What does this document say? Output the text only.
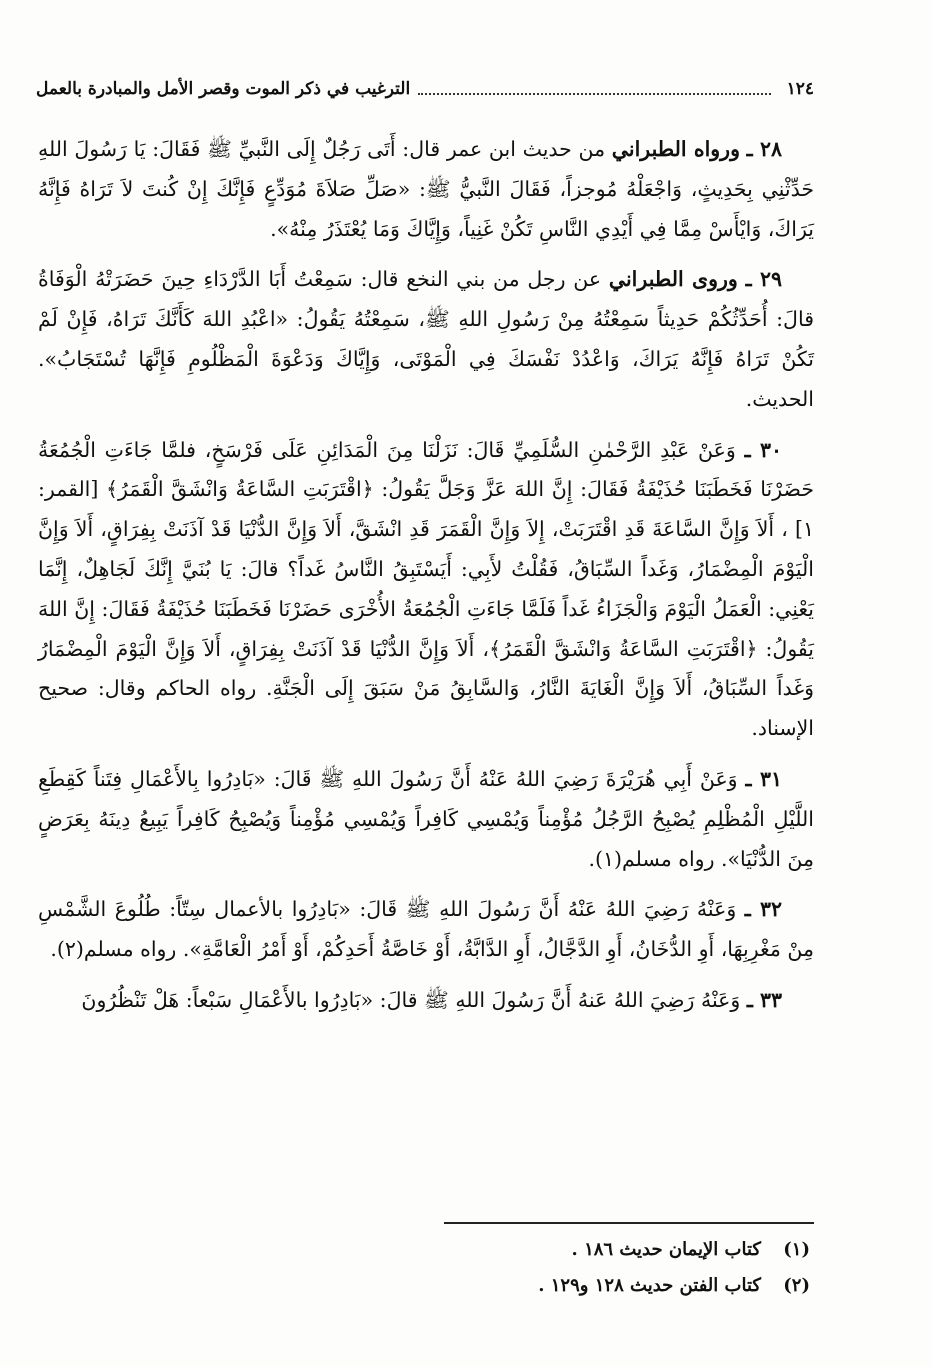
١٢٤
الترغيب في ذكر الموت وقصر الأمل والمبادرة بالعمل

٢٨ ـ ورواه الطبراني من حديث ابن عمر قال: أَتَى رَجُلٌ إِلَى النَّبيِّ ﷺ فَقَالَ: يَا رَسُولَ اللهِ حَدِّثْنِي بِحَدِيثٍ، وَاجْعَلْهُ مُوجزاً، فَقَالَ النَّبيُّ ﷺ: «صَلِّ صَلاَةَ مُوَدِّعٍ فَإِنَّكَ إِنْ كُنتَ لاَ تَرَاهُ فَإِنَّهُ يَرَاكَ، وَايْأَسْ مِمَّا فِي أَيْدِي النَّاسِ تَكُنْ غَنِياً، وَإِيَّاكَ وَمَا يُعْتَذَرُ مِنْهُ».

٢٩ ـ وروى الطبراني عن رجل من بني النخع قال: سَمِعْتُ أَبَا الدَّرْدَاءِ حِينَ حَضَرَتْهُ الْوَفَاةُ قالَ: أُحَدِّثُكُمْ حَدِيثاً سَمِعْتُهُ مِنْ رَسُولِ اللهِ ﷺ، سَمِعْتُهُ يَقُولُ: «اعْبُدِ اللهَ كَأَنَّكَ تَرَاهُ، فَإِنْ لَمْ تَكُنْ تَرَاهُ فَإِنَّهُ يَرَاكَ، وَاعْدُدْ نَفْسَكَ فِي الْمَوْتَى، وَإِيَّاكَ وَدَعْوَةَ الْمَظْلُومِ فَإِنَّهَا تُسْتَجَابُ». الحديث.

٣٠ ـ وَعَنْ عَبْدِ الرَّحْمٰنِ السُّلَمِيِّ قَالَ: نَزَلْنَا مِنَ الْمَدَائِنِ عَلَى فَرْسَخٍ، فلمَّا جَاءَتِ الْجُمُعَةُ حَضَرْنَا فَخَطَبَنَا حُذَيْفَةُ فَقَالَ: إِنَّ اللهَ عَزَّ وَجَلَّ يَقُولُ: ﴿اقْتَرَبَتِ السَّاعَةُ وَانْشَقَّ الْقَمَرُ﴾ [القمر: ١] ، أَلاَ وَإِنَّ السَّاعَةَ قَدِ اقْتَرَبَتْ، إِلاَ وَإِنَّ الْقَمَرَ قَدِ انْشَقَّ، أَلاَ وَإِنَّ الدُّنْيَا قَدْ آذَنَتْ بِفِرَاقٍ، أَلاَ وَإِنَّ الْيَوْمَ الْمِضْمَارُ، وَغَداً السِّبَاقُ، فَقُلْتُ لأَبِي: أَيَسْتَبِقُ النَّاسُ غَداً؟ قالَ: يَا بُنَيَّ إِنَّكَ لَجَاهِلٌ، إِنَّمَا يَعْنِي: الْعَمَلُ الْيَوْمَ وَالْجَزَاءُ غَداً فَلَمَّا جَاءَتِ الْجُمُعَةُ الأُخْرَى حَضَرْنَا فَخَطَبَنَا حُذَيْفَةُ فَقَالَ: إِنَّ اللهَ يَقُولُ: ﴿اقْتَرَبَتِ السَّاعَةُ وَانْشَقَّ الْقَمَرُ﴾، أَلاَ وَإِنَّ الدُّنْيَا قَدْ آذَنَتْ بِفِرَاقٍ، أَلاَ وَإِنَّ الْيَوْمَ الْمِضْمَارُ وَغَداً السِّبَاقُ، أَلاَ وَإِنَّ الْغَايَةَ النَّارُ، وَالسَّابِقُ مَنْ سَبَقَ إِلَى الْجَنَّةِ. رواه الحاكم وقال: صحيح الإسناد.

٣١ ـ وَعَنْ أَبِي هُرَيْرَةَ رَضِيَ اللهُ عَنْهُ أَنَّ رَسُولَ اللهِ ﷺ قَالَ: «بَادِرُوا بِالأَعْمَالِ فِتَناً كَقِطَعِ اللَّيْلِ الْمُظْلِمِ يُصْبِحُ الرَّجُلُ مُؤْمِناً وَيُمْسِي كَافِراً وَيُمْسِي مُؤْمِناً وَيُصْبِحُ كَافِراً يَبِيعُ دِينَهُ بِعَرَضٍ مِنَ الدُّنْيَا». رواه مسلم(١).

٣٢ ـ وَعَنْهُ رَضِيَ اللهُ عَنْهُ أَنَّ رَسُولَ اللهِ ﷺ قَالَ: «بَادِرُوا بالأعمال سِتّاً: طُلُوعَ الشَّمْسِ مِنْ مَغْرِبِهَا، أَوِ الدُّخَانُ، أَوِ الدَّجَّالُ، أَوِ الدَّابَّةُ، أَوْ خَاصَّةُ أَحَدِكُمْ، أَوْ أَمْرُ الْعَامَّةِ». رواه مسلم(٢).

٣٣ ـ وَعَنْهُ رَضِيَ اللهُ عَنهُ أَنَّ رَسُولَ اللهِ ﷺ قالَ: «بَادِرُوا بالأَعْمَالِ سَبْعاً: هَلْ تَنْظُرُونَ

(١) كتاب الإيمان حديث ١٨٦ .
(٢) كتاب الفتن حديث ١٢٨ و١٢٩ .
